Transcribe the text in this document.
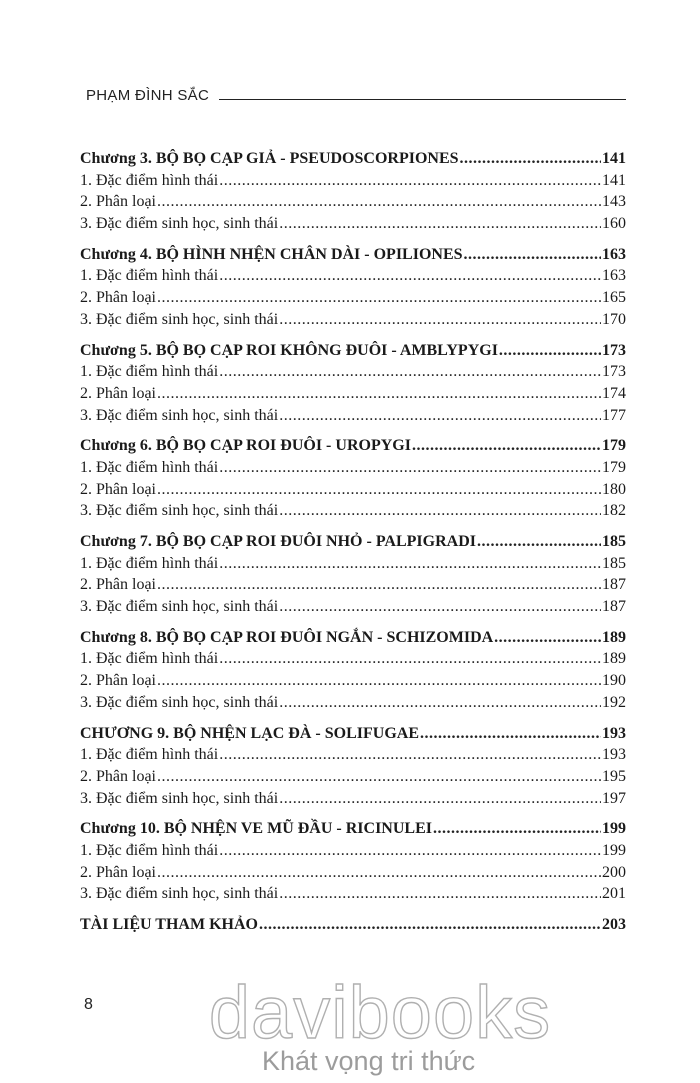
PHẠM ĐÌNH SẮC
Chương 3. BỘ BỌ CẠP GIẢ - PSEUDOSCORPIONES .....	141
1. Đặc điểm hình thái .....	141
2. Phân loại .....	143
3. Đặc điểm sinh học, sinh thái .....	160
Chương 4. BỘ HÌNH NHỆN CHÂN DÀI - OPILIONES .....	163
1. Đặc điểm hình thái .....	163
2. Phân loại .....	165
3. Đặc điểm sinh học, sinh thái .....	170
Chương 5. BỘ BỌ CẠP ROI KHÔNG ĐUÔI - AMBLYPYGI .....	173
1. Đặc điểm hình thái .....	173
2. Phân loại .....	174
3. Đặc điểm sinh học, sinh thái .....	177
Chương 6. BỘ BỌ CẠP ROI ĐUÔI - UROPYGI .....	179
1. Đặc điểm hình thái .....	179
2. Phân loại .....	180
3. Đặc điểm sinh học, sinh thái .....	182
Chương 7. BỘ BỌ CẠP ROI ĐUÔI NHỎ - PALPIGRADI .....	185
1. Đặc điểm hình thái .....	185
2. Phân loại .....	187
3. Đặc điểm sinh học, sinh thái .....	187
Chương 8. BỘ BỌ CẠP ROI ĐUÔI NGẮN - SCHIZOMIDA .....	189
1. Đặc điểm hình thái .....	189
2. Phân loại .....	190
3. Đặc điểm sinh học, sinh thái .....	192
CHƯƠNG 9. BỘ NHỆN LẠC ĐÀ - SOLIFUGAE .....	193
1. Đặc điểm hình thái .....	193
2. Phân loại .....	195
3. Đặc điểm sinh học, sinh thái .....	197
Chương 10. BỘ NHỆN VE MŨ ĐẦU - RICINULEI .....	199
1. Đặc điểm hình thái .....	199
2. Phân loại .....	200
3. Đặc điểm sinh học, sinh thái .....	201
TÀI LIỆU THAM KHẢO .....	203
8	davibooks
Khát vọng tri thức
